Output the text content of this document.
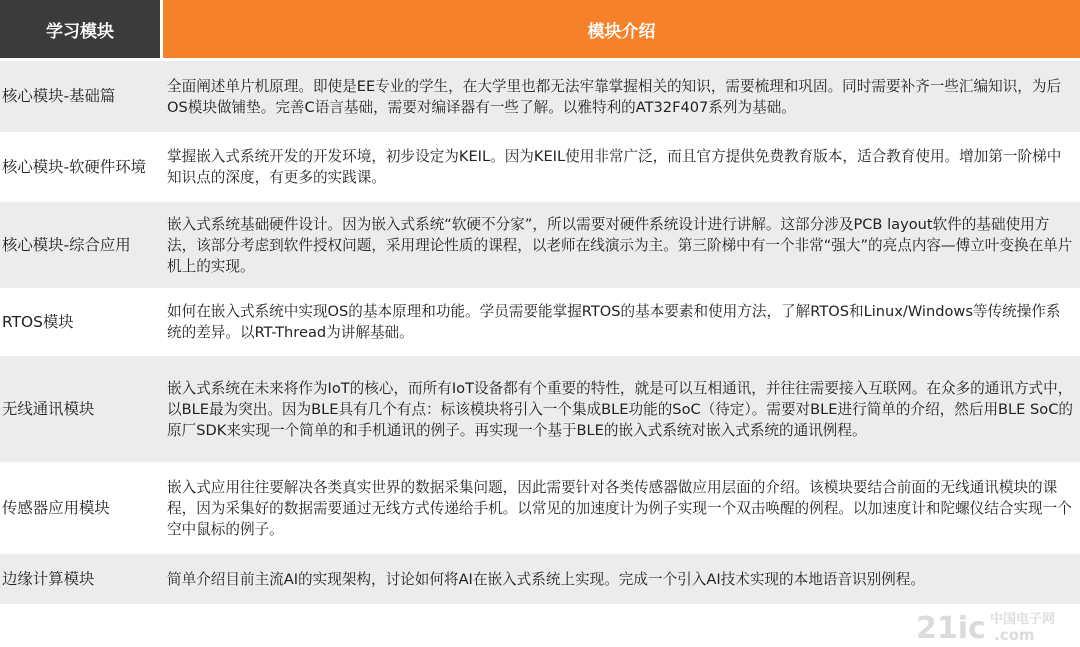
学习模块	模块介绍
核心模块-基础篇	全面阐述单片机原理。即使是EE专业的学生，在大学里也都无法牢靠掌握相关的知识，需要梳理和巩固。同时需要补齐一些汇编知识，为后OS模块做铺垫。完善C语言基础，需要对编译器有一些了解。以雅特利的AT32F407系列为基础。
核心模块-软硬件环境	掌握嵌入式系统开发的开发环境，初步设定为KEIL。因为KEIL使用非常广泛，而且官方提供免费教育版本，适合教育使用。增加第一阶梯中知识点的深度，有更多的实践课。
核心模块-综合应用	嵌入式系统基础硬件设计。因为嵌入式系统“软硬不分家”，所以需要对硬件系统设计进行讲解。这部分涉及PCB layout软件的基础使用方法，该部分考虑到软件授权问题，采用理论性质的课程，以老师在线演示为主。第三阶梯中有一个非常“强大”的亮点内容—傅立叶变换在单片机上的实现。
RTOS模块	如何在嵌入式系统中实现OS的基本原理和功能。学员需要能掌握RTOS的基本要素和使用方法，了解RTOS和Linux/Windows等传统操作系统的差异。以RT-Thread为讲解基础。
无线通讯模块	嵌入式系统在未来将作为IoT的核心，而所有IoT设备都有个重要的特性，就是可以互相通讯，并往往需要接入互联网。在众多的通讯方式中，以BLE最为突出。因为BLE具有几个有点：标该模块将引入一个集成BLE功能的SoC（待定）。需要对BLE进行简单的介绍，然后用BLE SoC的原厂SDK来实现一个简单的和手机通讯的例子。再实现一个基于BLE的嵌入式系统对嵌入式系统的通讯例程。
传感器应用模块	嵌入式应用往往要解决各类真实世界的数据采集问题，因此需要针对各类传感器做应用层面的介绍。该模块要结合前面的无线通讯模块的课程，因为采集好的数据需要通过无线方式传递给手机。以常见的加速度计为例子实现一个双击唤醒的例程。以加速度计和陀螺仪结合实现一个空中鼠标的例子。
边缘计算模块	简单介绍目前主流AI的实现架构，讨论如何将AI在嵌入式系统上实现。完成一个引入AI技术实现的本地语音识别例程。
21ic 中国电子网
.com
